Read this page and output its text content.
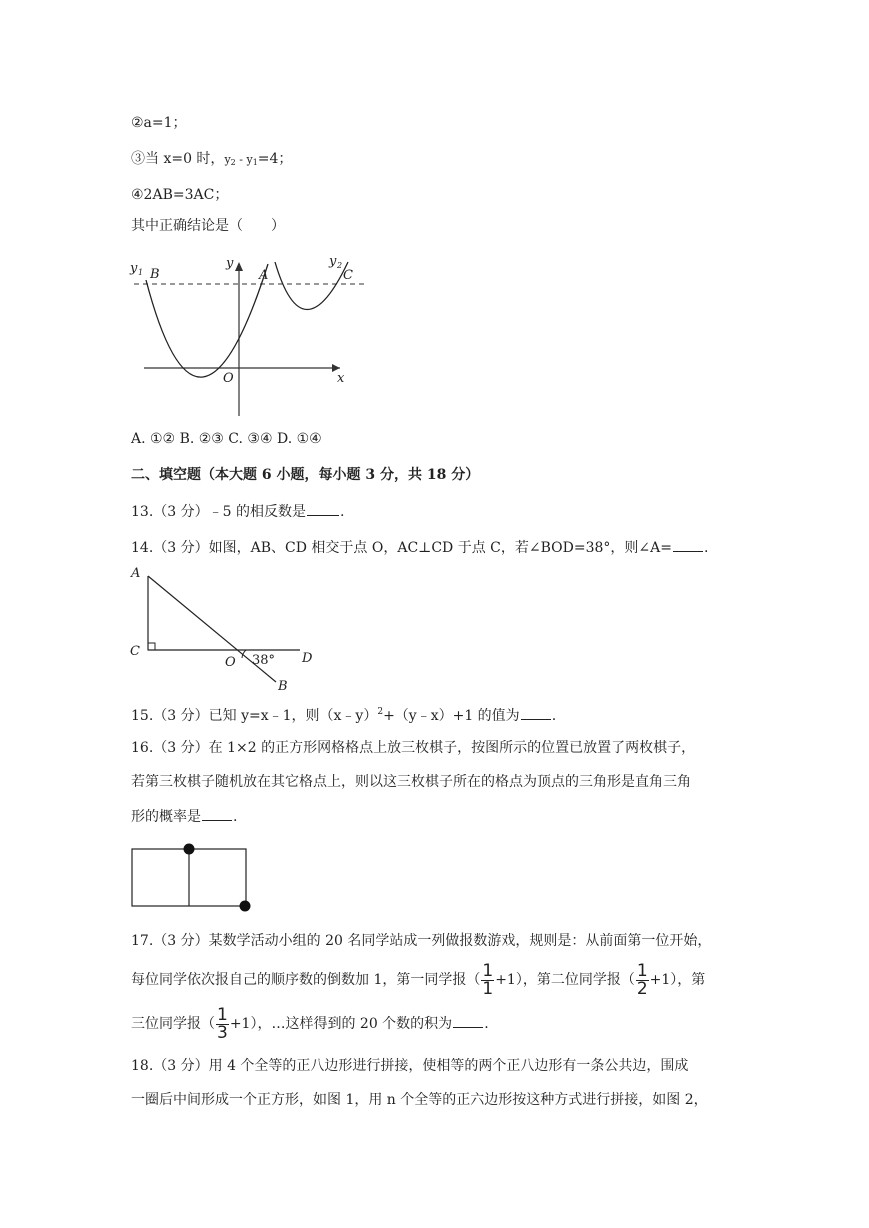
②a=1；
③当 x=0 时，$y_2 - y_1=4$；
④2AB=3AC；
其中正确结论是（　　）
y 1 B
y
A
y 2
C
O	x
A. ①② B. ②③ C. ③④ D. ①④
二、填空题（本大题 6 小题，每小题 3 分，共 18 分）
13.（3 分）﹣5 的相反数是 .
14.（3 分）如图，AB、CD 相交于点 O，AC⊥CD 于点 C，若∠BOD=38°，则∠A= .
A
C
O 38° D
B
15.（3 分）已知 y=x﹣1，则（x﹣y）$^2$+（y﹣x）+1 的值为 .
16.（3 分）在 1×2 的正方形网格格点上放三枚棋子，按图所示的位置已放置了两枚棋子，
若第三枚棋子随机放在其它格点上，则以这三枚棋子所在的格点为顶点的三角形是直角三角
形的概率是 .
17.（3 分）某数学活动小组的 20 名同学站成一列做报数游戏，规则是：从前面第一位开始，
每位同学依次报自己的顺序数的倒数加 1，第一同学报（ $\frac{1}{1} +1$），第二位同学报（ $\frac{1}{2} +1$），第
三位同学报（ $\frac{1}{3} +1$），…这样得到的 20 个数的积为 .
18.（3 分）用 4 个全等的正八边形进行拼接，使相等的两个正八边形有一条公共边，围成
一圈后中间形成一个正方形，如图 1，用 n 个全等的正六边形按这种方式进行拼接，如图 2，
